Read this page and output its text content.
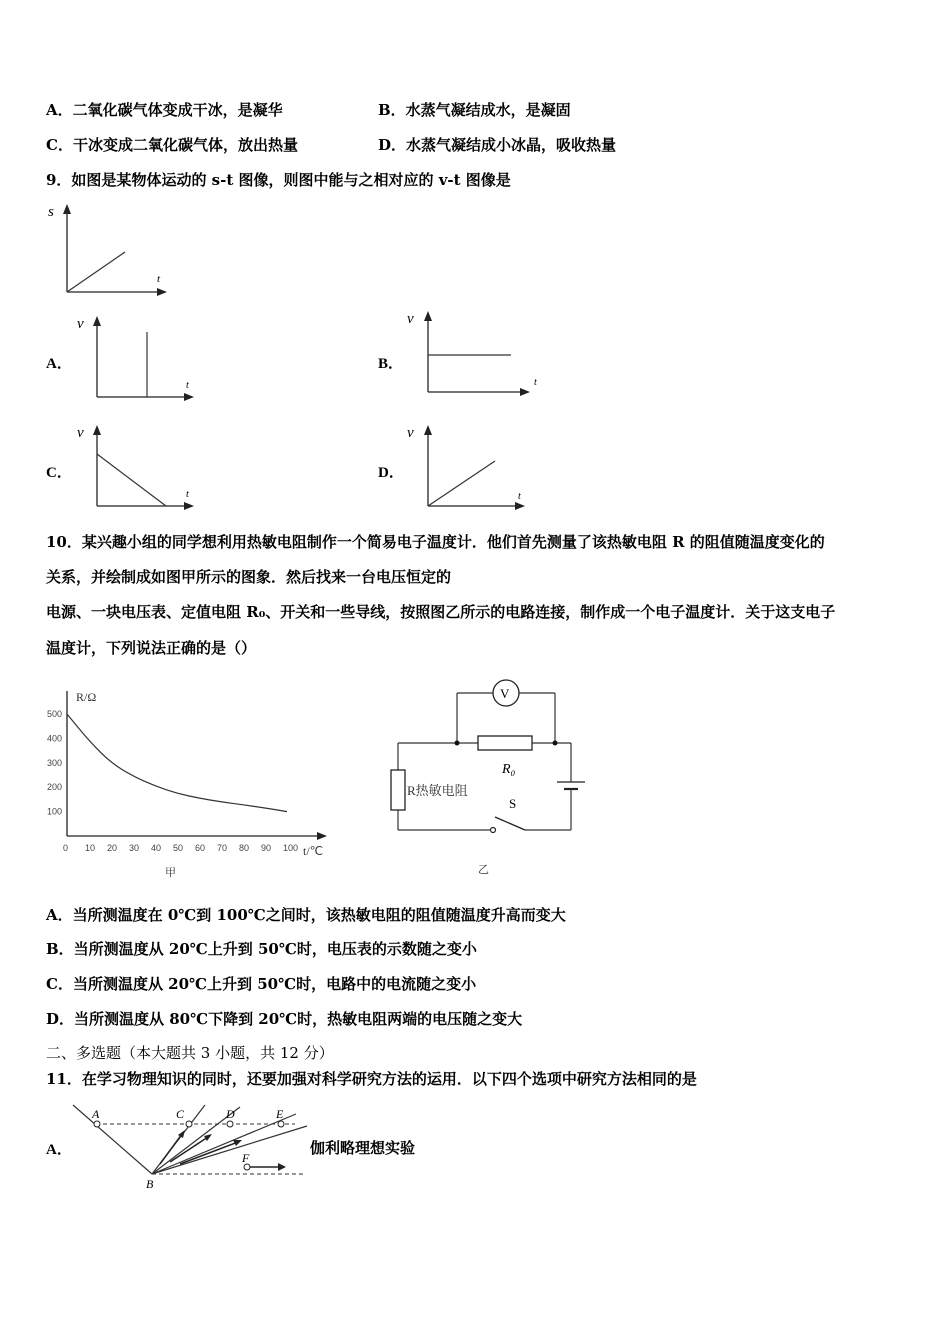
A．二氧化碳气体变成干冰，是凝华	B．水蒸气凝结成水，是凝固
C．干冰变成二氧化碳气体，放出热量	D．水蒸气凝结成小冰晶，吸收热量
9．如图是某物体运动的 s-t 图像，则图中能与之相对应的 v-t 图像是
s
t
A．
v
t
B．
v
t
C．
v
t
D．
v
t
10．某兴趣小组的同学想利用热敏电阻制作一个简易电子温度计．他们首先测量了该热敏电阻 R 的阻值随温度变化的
关系，并绘制成如图甲所示的图象．然后找来一台电压恒定的
电源、一块电压表、定值电阻 R₀、开关和一些导线，按照图乙所示的电路连接，制作成一个电子温度计．关于这支电子
温度计，下列说法正确的是（）
R/Ω
t/℃
甲
500
400
300
200
100
0 10 20 30 40 50 60 70 80 90 100
V
R₀
S
R热敏电阻
乙
A．当所测温度在 0℃到 100℃之间时，该热敏电阻的阻值随温度升高而变大
B．当所测温度从 20℃上升到 50℃时，电压表的示数随之变小
C．当所测温度从 20℃上升到 50℃时，电路中的电流随之变小
D．当所测温度从 80℃下降到 20℃时，热敏电阻两端的电压随之变大
二、多选题（本大题共 3 小题，共 12 分）
11．在学习物理知识的同时，还要加强对科学研究方法的运用．以下四个选项中研究方法相同的是
A．
A
B
C	D	E
F
伽利略理想实验
